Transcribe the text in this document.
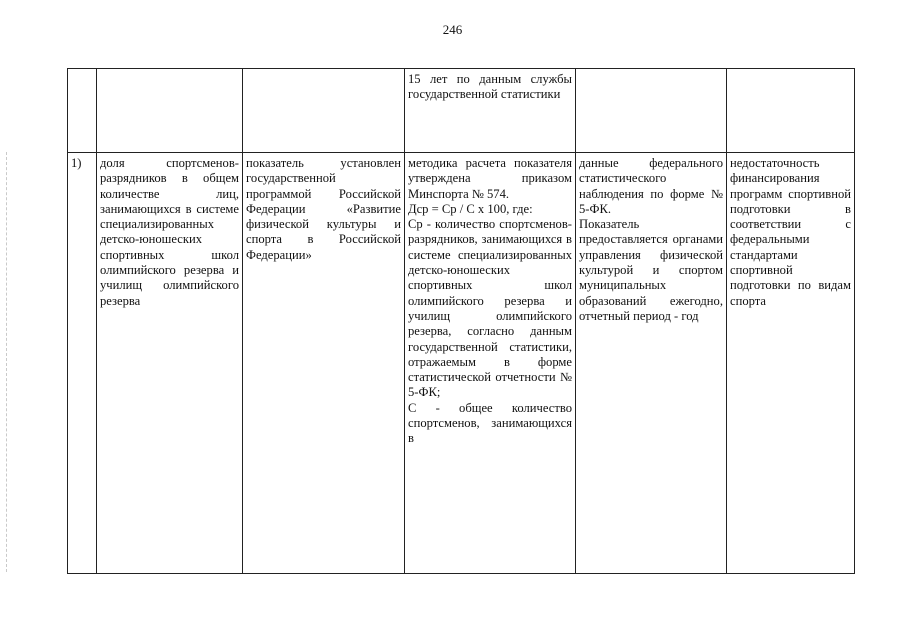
246
			15 лет по данным службы государственной статистики		
1)	доля спортсменов-разрядников в общем количестве лиц, занимающихся в системе специализированных детско-юношеских спортивных школ олимпийского резерва и училищ олимпийского резерва	показатель установлен государственной программой Российской Федерации «Развитие физической культуры и спорта в Российской Федерации»	методика расчета показателя утверждена приказом Минспорта № 574.
Дср = Ср / С х 100, где:
Ср - количество спортсменов-разрядников, занимающихся в системе специализированных детско-юношеских спортивных школ олимпийского резерва и училищ олимпийского резерва, согласно данным государственной статистики, отражаемым в форме статистической отчетности № 5-ФК;
С - общее количество спортсменов, занимающихся в	данные федерального статистического наблюдения по форме № 5-ФК.
Показатель предоставляется органами управления физической культурой и спортом муниципальных образований ежегодно, отчетный период - год	недостаточность финансирования программ спортивной подготовки в соответствии с федеральными стандартами спортивной подготовки по видам спорта
